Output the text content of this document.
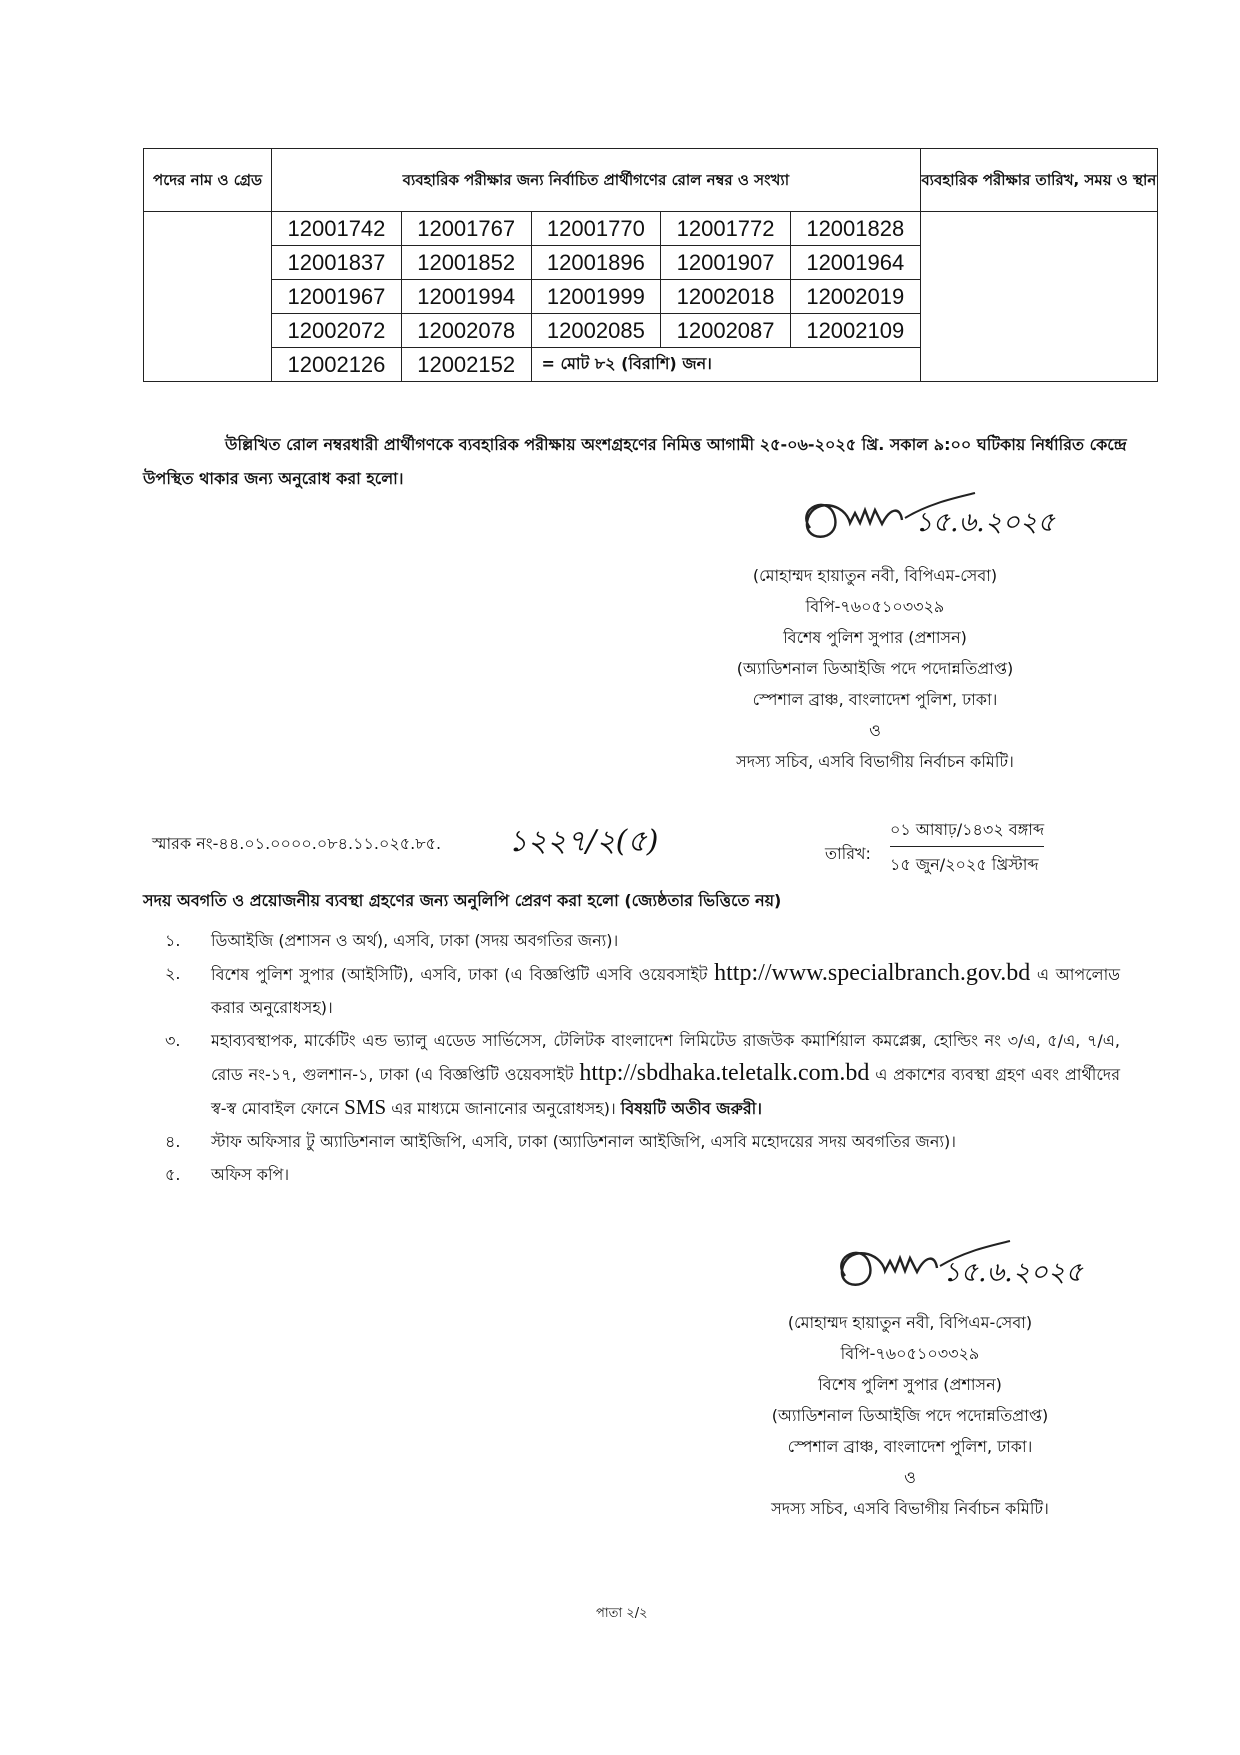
পদের নাম ও গ্রেড	ব্যবহারিক পরীক্ষার জন্য নির্বাচিত প্রার্থীগণের রোল নম্বর ও সংখ্যা					ব্যবহারিক পরীক্ষার তারিখ, সময় ও স্থান
	12001742	12001767	12001770	12001772	12001828	
	12001837	12001852	12001896	12001907	12001964	
	12001967	12001994	12001999	12002018	12002019	
	12002072	12002078	12002085	12002087	12002109	
	12002126	12002152	= মোট ৮২ (বিরাশি) জন।			

উল্লিখিত রোল নম্বরধারী প্রার্থীগণকে ব্যবহারিক পরীক্ষায় অংশগ্রহণের নিমিত্ত আগামী ২৫-০৬-২০২৫ খ্রি. সকাল ৯:০০ ঘটিকায় নির্ধারিত কেন্দ্রে উপস্থিত থাকার জন্য অনুরোধ করা হলো।

১৫.৬.২০২৫
(মোহাম্মদ হায়াতুন নবী, বিপিএম-সেবা)
বিপি-৭৬০৫১০৩৩২৯
বিশেষ পুলিশ সুপার (প্রশাসন)
(অ্যাডিশনাল ডিআইজি পদে পদোন্নতিপ্রাপ্ত)
স্পেশাল ব্রাঞ্চ, বাংলাদেশ পুলিশ, ঢাকা।
ও
সদস্য সচিব, এসবি বিভাগীয় নির্বাচন কমিটি।
স্মারক নং-৪৪.০১.০০০০.০৮৪.১১.০২৫.৮৫. ১২২৭/২(৫)	তারিখ:
০১ আষাঢ়/১৪৩২ বঙ্গাব্দ
১৫ জুন/২০২৫ খ্রিস্টাব্দ
সদয় অবগতি ও প্রয়োজনীয় ব্যবস্থা গ্রহণের জন্য অনুলিপি প্রেরণ করা হলো (জ্যেষ্ঠতার ভিত্তিতে নয়)
১. ডিআইজি (প্রশাসন ও অর্থ), এসবি, ঢাকা (সদয় অবগতির জন্য)।
২. বিশেষ পুলিশ সুপার (আইসিটি), এসবি, ঢাকা (এ বিজ্ঞপ্তিটি এসবি ওয়েবসাইট http://www.specialbranch.gov.bd এ আপলোড করার অনুরোধসহ)।
৩. মহাব্যবস্থাপক, মার্কেটিং এন্ড ভ্যালু এডেড সার্ভিসেস, টেলিটক বাংলাদেশ লিমিটেড রাজউক কমার্শিয়াল কমপ্লেক্স, হোল্ডিং নং ৩/এ, ৫/এ, ৭/এ, রোড নং-১৭, গুলশান-১, ঢাকা (এ বিজ্ঞপ্তিটি ওয়েবসাইট http://sbdhaka.teletalk.com.bd এ প্রকাশের ব্যবস্থা গ্রহণ এবং প্রার্থীদের স্ব-স্ব মোবাইল ফোনে SMS এর মাধ্যমে জানানোর অনুরোধসহ)। বিষয়টি অতীব জরুরী।
৪. স্টাফ অফিসার টু অ্যাডিশনাল আইজিপি, এসবি, ঢাকা (অ্যাডিশনাল আইজিপি, এসবি মহোদয়ের সদয় অবগতির জন্য)।
৫. অফিস কপি।
১৫.৬.২০২৫
(মোহাম্মদ হায়াতুন নবী, বিপিএম-সেবা)
বিপি-৭৬০৫১০৩৩২৯
বিশেষ পুলিশ সুপার (প্রশাসন)
(অ্যাডিশনাল ডিআইজি পদে পদোন্নতিপ্রাপ্ত)
স্পেশাল ব্রাঞ্চ, বাংলাদেশ পুলিশ, ঢাকা।
ও
সদস্য সচিব, এসবি বিভাগীয় নির্বাচন কমিটি।
পাতা ২/২
